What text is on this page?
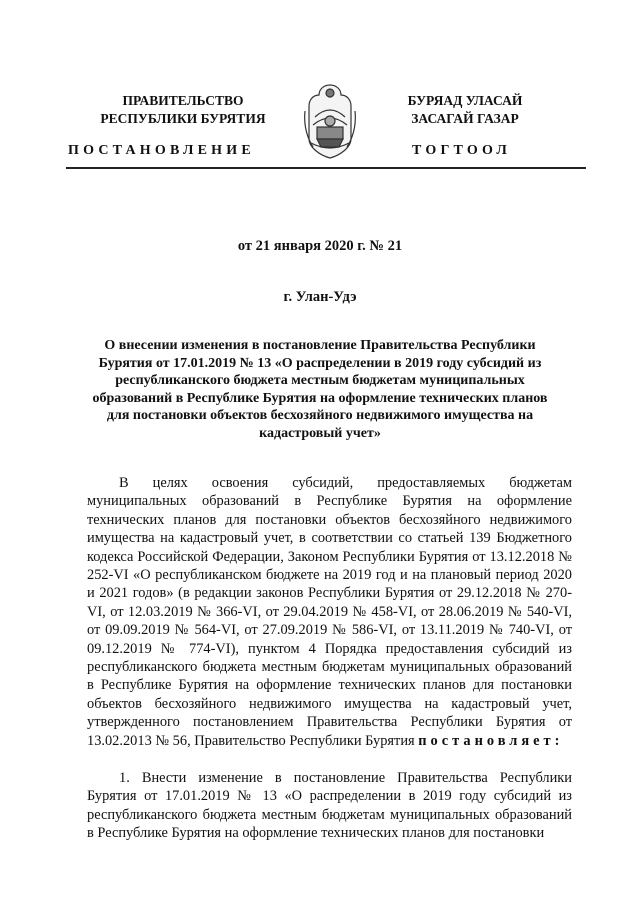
ПРАВИТЕЛЬСТВО
РЕСПУБЛИКИ БУРЯТИЯ
БУРЯАД УЛАСАЙ
ЗАСАГАЙ ГАЗАР
ПОСТАНОВЛЕНИЕ	ТОГТООЛ
от 21 января 2020 г. № 21
г. Улан-Удэ
О внесении изменения в постановление Правительства Республики Бурятия от 17.01.2019 № 13 «О распределении в 2019 году субсидий из республиканского бюджета местным бюджетам муниципальных образований в Республике Бурятия на оформление технических планов для постановки объектов бесхозяйного недвижимого имущества на кадастровый учет»
В целях освоения субсидий, предоставляемых бюджетам муниципальных образований в Республике Бурятия на оформление технических планов для постановки объектов бесхозяйного недвижимого имущества на кадастровый учет, в соответствии со статьей 139 Бюджетного кодекса Российской Федерации, Законом Республики Бурятия от 13.12.2018 № 252-VI «О республиканском бюджете на 2019 год и на плановый период 2020 и 2021 годов» (в редакции законов Республики Бурятия от 29.12.2018 № 270-VI, от 12.03.2019 № 366-VI, от 29.04.2019 № 458-VI, от 28.06.2019 № 540-VI, от 09.09.2019 № 564-VI, от 27.09.2019 № 586-VI, от 13.11.2019 № 740-VI, от 09.12.2019 № 774-VI), пунктом 4 Порядка предоставления субсидий из республиканского бюджета местным бюджетам муниципальных образований в Республике Бурятия на оформление технических планов для постановки объектов бесхозяйного недвижимого имущества на кадастровый учет, утвержденного постановлением Правительства Республики Бурятия от 13.02.2013 № 56, Правительство Республики Бурятия постановляет:
1. Внести изменение в постановление Правительства Республики Бурятия от 17.01.2019 № 13 «О распределении в 2019 году субсидий из республиканского бюджета местным бюджетам муниципальных образований в Республике Бурятия на оформление технических планов для постановки
